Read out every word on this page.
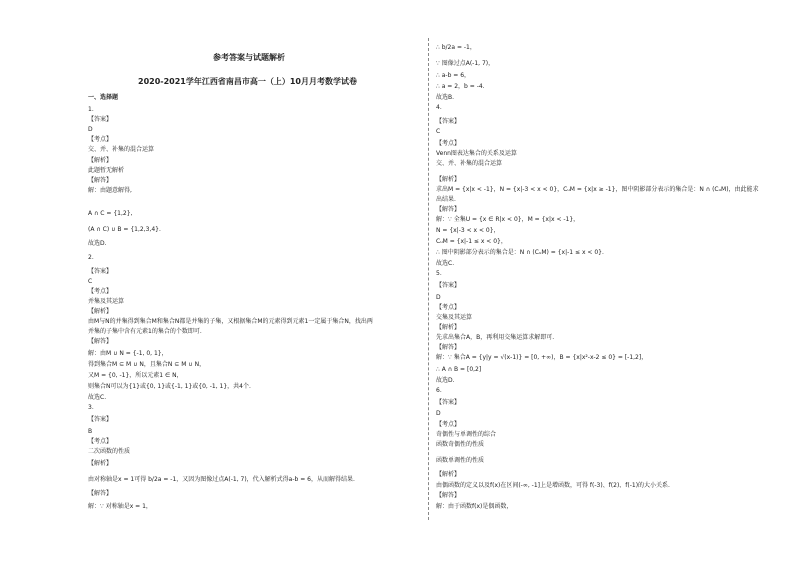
参考答案与试题解析
2020-2021学年江西省南昌市高一（上）10月月考数学试卷
一、选择题
1.
【答案】
D
【考点】
交、并、补集的混合运算
【解析】
此题暂无解析
【解答】
解：由题意解得,
A ∩ C = {1,2},
(A ∩ C) ∪ B = {1,2,3,4}.
故选D.
2.
【答案】
C
【考点】
并集及其运算
【解析】
由M与N的并集得到集合M和集合N都是并集的子集，又根据集合M的元素得到元素1一定属于集合N，找出两
并集的子集中含有元素1的集合的个数即可.
【解答】
解：由M ∪ N = {-1, 0, 1}，
得到集合M ⊆ M ∪ N，且集合N ⊆ M ∪ N，
又M = {0, -1}，所以元素1 ∈ N，
则集合N可以为{1}或{0, 1}或{-1, 1}或{0, -1, 1}，共4个.
故选C.
3.
【答案】
B
【考点】
二次函数的性质
【解析】
由对称轴是x = 1可得 b/2a = -1，又因为图像过点A(-1, 7)，代入解析式得a-b = 6，从而解得结果.
【解答】
解：∵ 对称轴是x = 1，
∴ b/2a = -1，
∵ 图像过点A(-1, 7)，
∴ a-b = 6，
∴ a = 2，b = -4.
故选B.
4.
【答案】
C
【考点】
Venn图表达集合的关系及运算
交、并、补集的混合运算
【解析】
求出M = {x|x < -1}，N = {x|-3 < x < 0}，CᵤM = {x|x ≥ -1}，图中阴影部分表示的集合是：N ∩ (CᵤM)，由此能求
出结果.
【解答】
解：∵ 全集U = {x ∈ R|x < 0}，M = {x|x < -1}，
N = {x|-3 < x < 0}，
CᵤM = {x|-1 ≤ x < 0}，
∴ 图中阴影部分表示的集合是：N ∩ (CᵤM) = {x|-1 ≤ x < 0}.
故选C.
5.
【答案】
D
【考点】
交集及其运算
【解析】
先求出集合A，B，再利用交集运算求解即可.
【解答】
解：∵ 集合A = {y|y = √(x-1)} = [0, +∞)，B = {x|x²-x-2 ≤ 0} = [-1,2]，
∴ A ∩ B = [0,2]
故选D.
6.
【答案】
D
【考点】
奇偶性与单调性的综合
函数奇偶性的性质
函数单调性的性质
【解析】
由偶函数的定义以及f(x)在区间(-∞, -1]上是增函数，可得 f(-3)、f(2)、f(-1)的大小关系.
【解答】
解：由于函数f(x)是偶函数，
